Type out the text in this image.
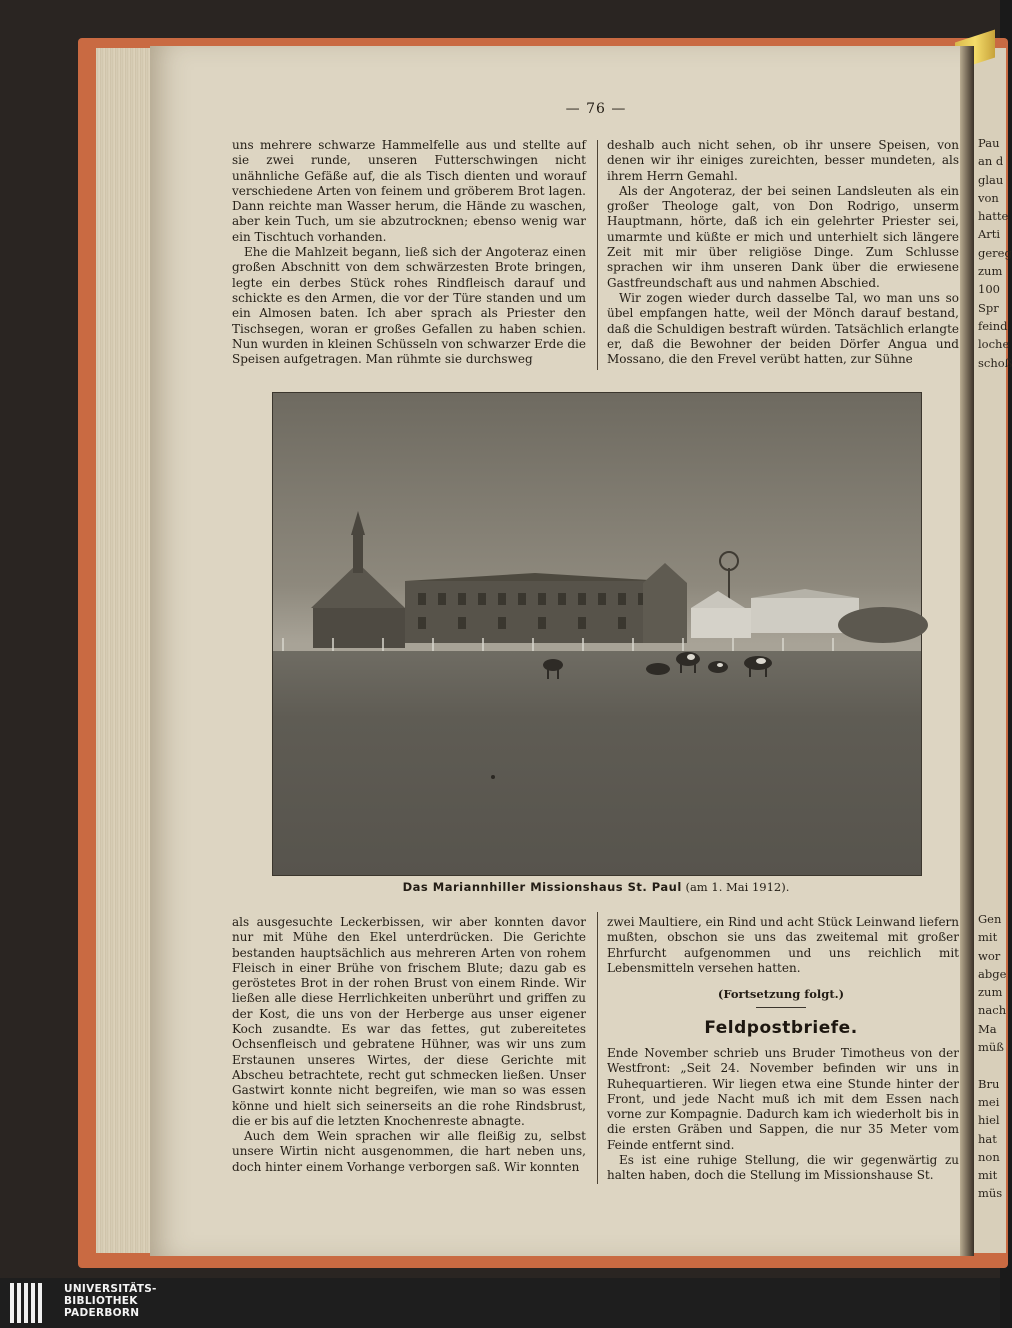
Pau
an d
glau
von
hatte
Arti
gereg
zum
100
Spr
feind
loche
schoß
Gen
mit
wor
abge
zum
nach
Ma
müß
Bru
mei
hiel
hat
non
mit
müs
— 76 —

uns mehrere schwarze Hammelfelle aus und stellte auf sie zwei runde, unseren Futterschwingen nicht unähnliche Gefäße auf, die als Tisch dienten und worauf verschiedene Arten von feinem und gröberem Brot lagen. Dann reichte man Wasser herum, die Hände zu waschen, aber kein Tuch, um sie abzutrocknen; ebenso wenig war ein Tischtuch vorhanden.

Ehe die Mahlzeit begann, ließ sich der Angoteraz einen großen Abschnitt von dem schwärzesten Brote bringen, legte ein derbes Stück rohes Rindfleisch darauf und schickte es den Armen, die vor der Türe standen und um ein Almosen baten. Ich aber sprach als Priester den Tischsegen, woran er großes Gefallen zu haben schien. Nun wurden in kleinen Schüsseln von schwarzer Erde die Speisen aufgetragen. Man rühmte sie durchsweg

deshalb auch nicht sehen, ob ihr unsere Speisen, von denen wir ihr einiges zureichten, besser mundeten, als ihrem Herrn Gemahl.

Als der Angoteraz, der bei seinen Landsleuten als ein großer Theologe galt, von Don Rodrigo, unserm Hauptmann, hörte, daß ich ein gelehrter Priester sei, umarmte und küßte er mich und unterhielt sich längere Zeit mit mir über religiöse Dinge. Zum Schlusse sprachen wir ihm unseren Dank über die erwiesene Gastfreundschaft aus und nahmen Abschied.

Wir zogen wieder durch dasselbe Tal, wo man uns so übel empfangen hatte, weil der Mönch darauf bestand, daß die Schuldigen bestraft würden. Tatsächlich erlangte er, daß die Bewohner der beiden Dörfer Angua und Mossano, die den Frevel verübt hatten, zur Sühne

Das Mariannhiller Missionshaus St. Paul (am 1. Mai 1912).

als ausgesuchte Leckerbissen, wir aber konnten davor nur mit Mühe den Ekel unterdrücken. Die Gerichte bestanden hauptsächlich aus mehreren Arten von rohem Fleisch in einer Brühe von frischem Blute; dazu gab es geröstetes Brot in der rohen Brust von einem Rinde. Wir ließen alle diese Herrlichkeiten unberührt und griffen zu der Kost, die uns von der Herberge aus unser eigener Koch zusandte. Es war das fettes, gut zubereitetes Ochsenfleisch und gebratene Hühner, was wir uns zum Erstaunen unseres Wirtes, der diese Gerichte mit Abscheu betrachtete, recht gut schmecken ließen. Unser Gastwirt konnte nicht begreifen, wie man so was essen könne und hielt sich seinerseits an die rohe Rindsbrust, die er bis auf die letzten Knochenreste abnagte.

Auch dem Wein sprachen wir alle fleißig zu, selbst unsere Wirtin nicht ausgenommen, die hart neben uns, doch hinter einem Vorhange verborgen saß. Wir konnten

zwei Maultiere, ein Rind und acht Stück Leinwand liefern mußten, obschon sie uns das zweitemal mit großer Ehrfurcht aufgenommen und uns reichlich mit Lebensmitteln versehen hatten.

(Fortsetzung folgt.)
Feldpostbriefe.

Ende November schrieb uns Bruder Timotheus von der Westfront: „Seit 24. November befinden wir uns in Ruhequartieren. Wir liegen etwa eine Stunde hinter der Front, und jede Nacht muß ich mit dem Essen nach vorne zur Kompagnie. Dadurch kam ich wiederholt bis in die ersten Gräben und Sappen, die nur 35 Meter vom Feinde entfernt sind.

Es ist eine ruhige Stellung, die wir gegenwärtig zu halten haben, doch die Stellung im Missionshause St.

UNIVERSITÄTS-
BIBLIOTHEK
PADERBORN
